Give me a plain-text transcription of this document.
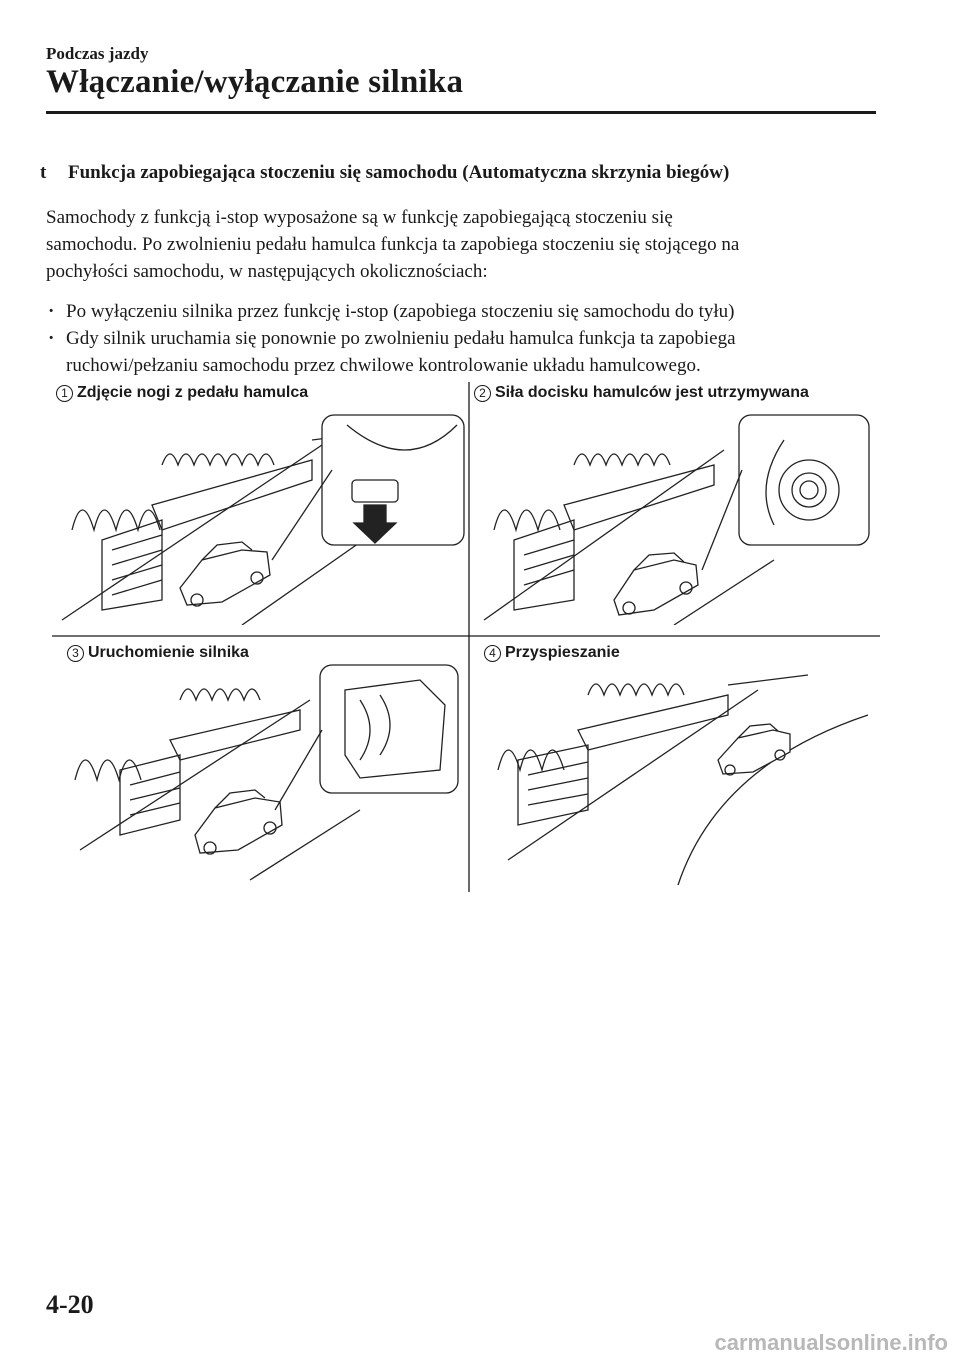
Podczas jazdy
Włączanie/wyłączanie silnika
t Funkcja zapobiegająca stoczeniu się samochodu (Automatyczna skrzynia biegów)

Samochody z funkcją i-stop wyposażone są w funkcję zapobiegającą stoczeniu się

samochodu. Po zwolnieniu pedału hamulca funkcja ta zapobiega stoczeniu się stojącego na

pochyłości samochodu, w następujących okolicznościach:

· Po wyłączeniu silnika przez funkcję i-stop (zapobiega stoczeniu się samochodu do tyłu)
· Gdy silnik uruchamia się ponownie po zwolnieniu pedału hamulca funkcja ta zapobiega
ruchowi/pełzaniu samochodu przez chwilowe kontrolowanie układu hamulcowego.
1 Zdjęcie nogi z pedału hamulca	2 Siła docisku hamulców jest utrzymywana
3 Uruchomienie silnika	4 Przyspieszanie
4-20
carmanualsonline.info
